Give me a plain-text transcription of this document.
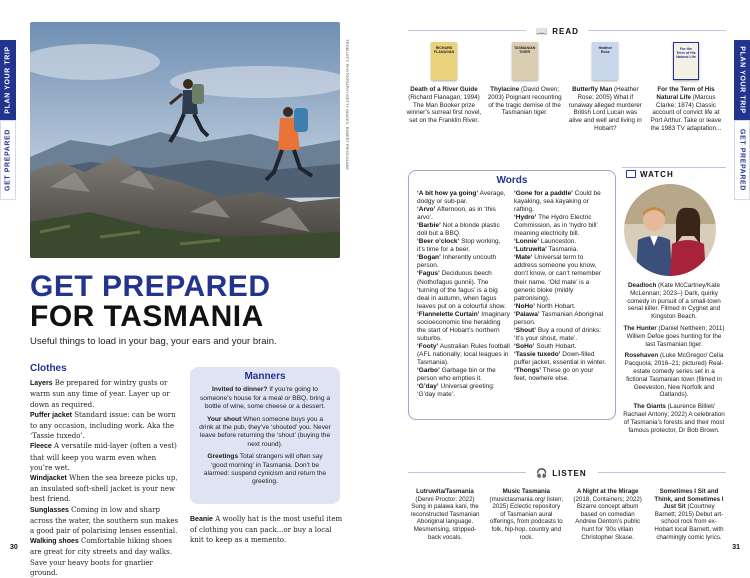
PLAN YOUR TRIP
GET PREPARED	FROM LEFT: PHOTOGRAPHY/GETTY IMAGES; ROBERT PRICE/ALAMY
GET PREPARED
FOR TASMANIA
Useful things to load in your bag, your ears and your brain.
Clothes

Layers Be prepared for wintry gusts or warm sun any time of year. Layer up or down as required.

Puffer jacket Standard issue: can be worn to any occasion, including work. Aka the ‘Tassie tuxedo’.

Fleece A versatile mid-layer (often a vest) that will keep you warm even when you’re wet.

Windjacket When the sea breeze picks up, an insulated soft-shell jacket is your new best friend.

Sunglasses Coming in low and sharp across the water, the southern sun makes a good pair of polarising lenses essential.

Walking shoes Comfortable hiking shoes are great for city streets and day walks. Save your heavy boots for gnarlier ground.

Manners

Invited to dinner? If you’re going to someone’s house for a meal or BBQ, bring a bottle of wine, some cheese or a dessert.

Your shout When someone buys you a drink at the pub, they’ve ‘shouted’ you. Never leave before returning the ‘shout’ (buying the next round).

Greetings Total strangers will often say ‘good morning’ in Tasmania. Don’t be alarmed: suspend cynicism and return the greeting.

Beanie A woolly hat is the most useful item of clothing you can pack...or buy a local knit to keep as a memento.
30
PLAN YOUR TRIP
GET PREPARED
31
📖 READ
RICHARD FLANAGAN
Death of a River Guide (Richard Flanagan; 1994) The Man Booker prize winner’s surreal first novel, set on the Franklin River.
TASMANIAN TIGER
Thylacine (David Owen; 2003) Poignant recounting of the tragic demise of the Tasmanian tiger.
Heather Rose
Butterfly Man (Heather Rose; 2005) What if runaway alleged murderer British Lord Lucan was alive and well and living in Hobart?
For the Term of His Natural Life
For the Term of His Natural Life (Marcus Clarke; 1874) Classic account of convict life at Port Arthur. Take or leave the 1983 TV adaptation...
Words
‘A bit how ya going’ Average, dodgy or sub-par.
‘Arvo’ Afternoon, as in ‘this arvo’.
‘Barbie’ Not a blonde plastic doll but a BBQ.
‘Beer o’clock’ Stop working, it’s time for a beer.
‘Bogan’ Inherently uncouth person.
‘Fagus’ Deciduous beech (Nothofagus gunnii). The ‘turning of the fagus’ is a big deal in autumn, when fagus leaves put on a colourful show.
‘Flannelette Curtain’ Imaginary socioeconomic line heralding the start of Hobart’s northern suburbs.
‘Footy’ Australian Rules football (AFL nationally; local leagues in Tasmania).
‘Garbo’ Garbage bin or the person who empties it.
‘G’day’ Universal greeting: ‘G’day mate’.
‘Gone for a paddle’ Could be kayaking, sea kayaking or rafting.
‘Hydro’ The Hydro Electric Commission, as in ‘hydro bill’ meaning electricity bill.
‘Lonnie’ Launceston.
‘Lutruwita’ Tasmania.
‘Mate’ Universal term to address someone you know, don’t know, or can’t remember their name. ‘Old mate’ is a generic bloke (mildly patronising).
‘NoHo’ North Hobart.
‘Palawa’ Tasmanian Aboriginal person.
‘Shout’ Buy a round of drinks: ‘It’s your shout, mate’.
‘SoHo’ South Hobart.
‘Tassie tuxedo’ Down-filled puffer jacket, essential in winter.
‘Thongs’ These go on your feet, nowhere else.
WATCH

Deadloch (Kate McCartney/Kate McLennan; 2023–) Dark, quirky comedy in pursuit of a small-town serial killer. Filmed in Cygnet and Kingston Beach.

The Hunter (Daniel Nettheim; 2011) Willem Defoe goes hunting for the last Tasmanian tiger.

Rosehaven (Luke McGregor/ Celia Pacquola; 2016–21; pictured) Real-estate comedy series set in a fictional Tasmanian town (filmed in Geeveston, New Norfolk and Oatlands).

The Giants (Laurence Billiet/ Rachael Antony; 2022) A celebration of Tasmania’s forests and their most famous protector, Dr Bob Brown.

🎧 LISTEN
Lutruwita/Tasmania (Denni Proctor; 2022) Sung in palawa kani, the reconstructed Tasmanian Aboriginal language. Mesmerising, stripped-back vocals.
Music Tasmania (musictasmania.org/ listen; 2025) Eclectic repository of Tasmanian aural offerings, from podcasts to folk, hip-hop, country and rock.
A Night at the Mirage (2018, Containers; 2022) Bizarre concept album based on comedian Andrew Denton’s public hunt for ’90s villain Christopher Skase.
Sometimes I Sit and Think, and Sometimes I Just Sit (Courtney Barnett; 2015) Debut art-school rock from ex-Hobart local Barnett, with charmingly comic lyrics.
